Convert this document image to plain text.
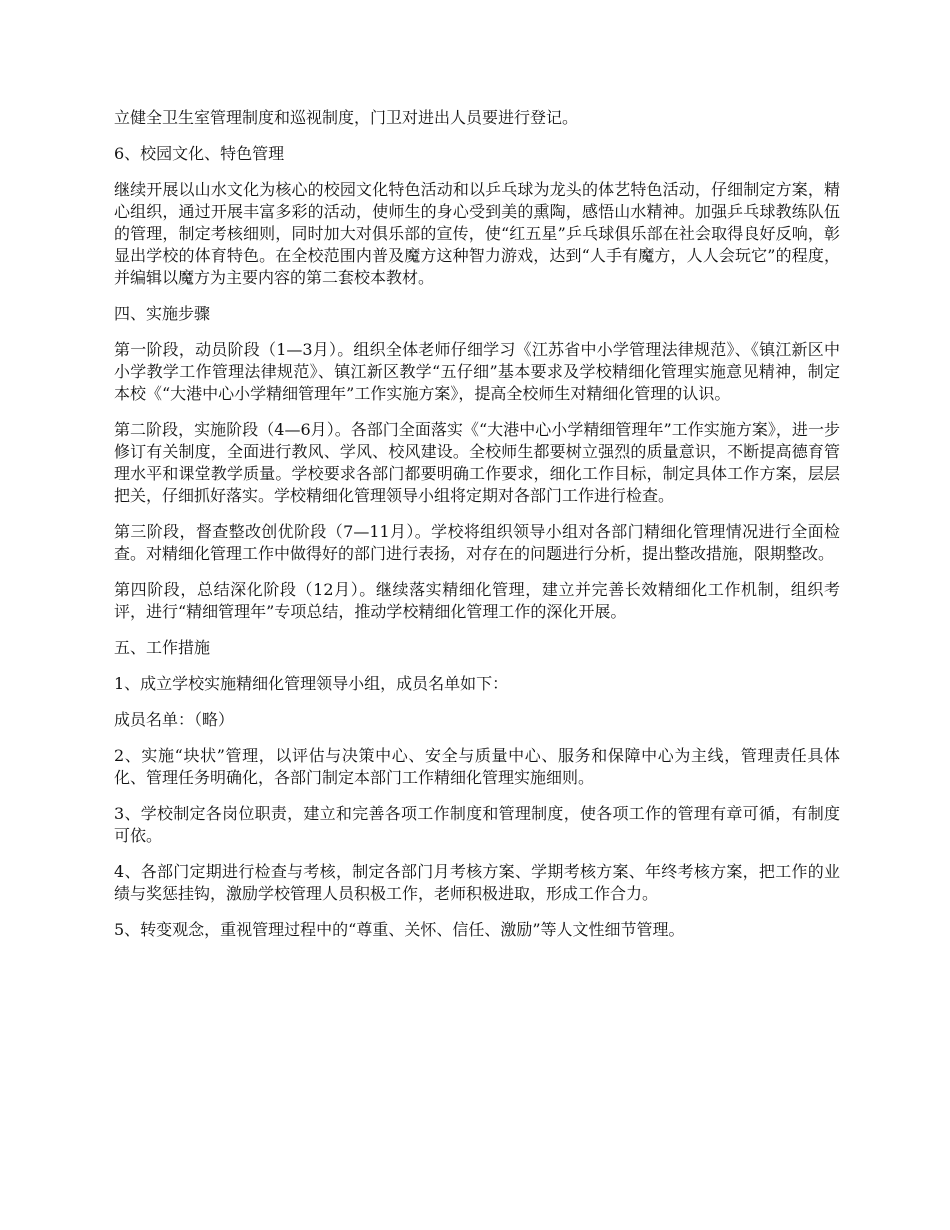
立健全卫生室管理制度和巡视制度，门卫对进出人员要进行登记。

6、校园文化、特色管理

继续开展以山水文化为核心的校园文化特色活动和以乒乓球为龙头的体艺特色活动，仔细制定方案，精心组织，通过开展丰富多彩的活动，使师生的身心受到美的熏陶，感悟山水精神。加强乒乓球教练队伍的管理，制定考核细则，同时加大对俱乐部的宣传，使“红五星”乒乓球俱乐部在社会取得良好反响，彰显出学校的体育特色。在全校范围内普及魔方这种智力游戏，达到“人手有魔方，人人会玩它”的程度，并编辑以魔方为主要内容的第二套校本教材。

四、实施步骤

第一阶段，动员阶段（1—3月）。组织全体老师仔细学习《江苏省中小学管理法律规范》、《镇江新区中小学教学工作管理法律规范》、镇江新区教学“五仔细”基本要求及学校精细化管理实施意见精神，制定本校《“大港中心小学精细管理年”工作实施方案》，提高全校师生对精细化管理的认识。

第二阶段，实施阶段（4—6月）。各部门全面落实《“大港中心小学精细管理年”工作实施方案》，进一步修订有关制度，全面进行教风、学风、校风建设。全校师生都要树立强烈的质量意识，不断提高德育管理水平和课堂教学质量。学校要求各部门都要明确工作要求，细化工作目标，制定具体工作方案，层层把关，仔细抓好落实。学校精细化管理领导小组将定期对各部门工作进行检查。

第三阶段，督查整改创优阶段（7—11月）。学校将组织领导小组对各部门精细化管理情况进行全面检查。对精细化管理工作中做得好的部门进行表扬，对存在的问题进行分析，提出整改措施，限期整改。

第四阶段，总结深化阶段（12月）。继续落实精细化管理，建立并完善长效精细化工作机制，组织考评，进行“精细管理年”专项总结，推动学校精细化管理工作的深化开展。

五、工作措施

1、成立学校实施精细化管理领导小组，成员名单如下：

成员名单：（略）

2、实施“块状”管理，以评估与决策中心、安全与质量中心、服务和保障中心为主线，管理责任具体化、管理任务明确化，各部门制定本部门工作精细化管理实施细则。

3、学校制定各岗位职责，建立和完善各项工作制度和管理制度，使各项工作的管理有章可循，有制度可依。

4、各部门定期进行检查与考核，制定各部门月考核方案、学期考核方案、年终考核方案，把工作的业绩与奖惩挂钩，激励学校管理人员积极工作，老师积极进取，形成工作合力。

5、转变观念，重视管理过程中的“尊重、关怀、信任、激励”等人文性细节管理。
